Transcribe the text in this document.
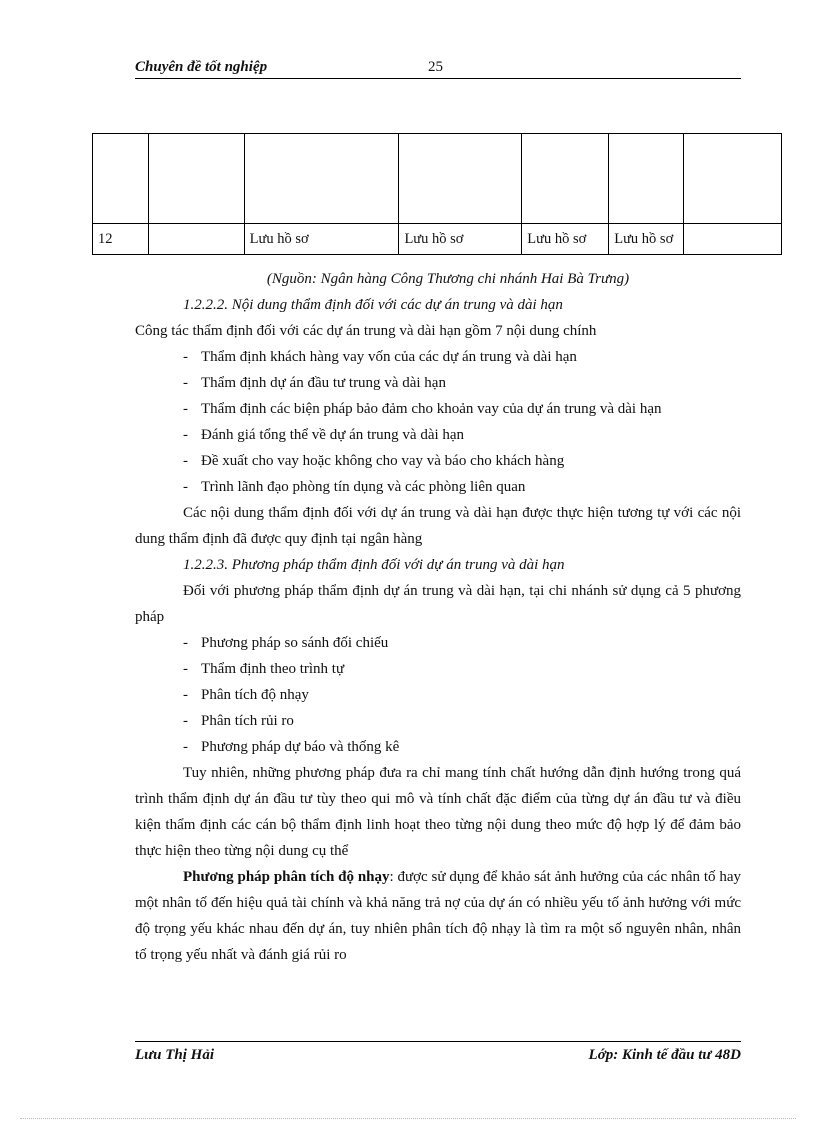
Chuyên đề tốt nghiệp	25

12		Lưu hồ sơ	Lưu hồ sơ	Lưu hồ sơ	Lưu hồ sơ	

(Nguồn: Ngân hàng Công Thương chi nhánh Hai Bà Trưng)

1.2.2.2. Nội dung thẩm định đối với các dự án trung và dài hạn

Công tác thẩm định đối với các dự án trung và dài hạn gồm 7 nội dung chính

- Thẩm định khách hàng vay vốn của các dự án trung và dài hạn

- Thẩm định dự án đầu tư trung và dài hạn

- Thẩm định các biện pháp bảo đảm cho khoản vay của dự án trung và dài hạn

- Đánh giá tổng thể về dự án trung và dài hạn

- Đề xuất cho vay hoặc không cho vay và báo cho khách hàng

- Trình lãnh đạo phòng tín dụng và các phòng liên quan

Các nội dung thẩm định đối với dự án trung và dài hạn được thực hiện tương tự với các nội dung thẩm định đã được quy định tại ngân hàng

1.2.2.3. Phương pháp thẩm định đối với dự án trung và dài hạn

Đối với phương pháp thẩm định dự án trung và dài hạn, tại chi nhánh sử dụng cả 5 phương pháp

- Phương pháp so sánh đối chiếu

- Thẩm định theo trình tự

- Phân tích độ nhạy

- Phân tích rủi ro

- Phương pháp dự báo và thống kê

Tuy nhiên, những phương pháp đưa ra chỉ mang tính chất hướng dẫn định hướng trong quá trình thẩm định dự án đầu tư tùy theo qui mô và tính chất đặc điểm của từng dự án đầu tư và điều kiện thẩm định các cán bộ thẩm định linh hoạt theo từng nội dung theo mức độ hợp lý để đảm bảo thực hiện theo từng nội dung cụ thể

Phương pháp phân tích độ nhạy: được sử dụng để khảo sát ảnh hưởng của các nhân tố hay một nhân tố đến hiệu quả tài chính và khả năng trả nợ của dự án có nhiều yếu tố ảnh hưởng với mức độ trọng yếu khác nhau đến dự án, tuy nhiên phân tích độ nhạy là tìm ra một số nguyên nhân, nhân tố trọng yếu nhất và đánh giá rủi ro

Lưu Thị Hải	Lớp: Kinh tế đầu tư 48D
